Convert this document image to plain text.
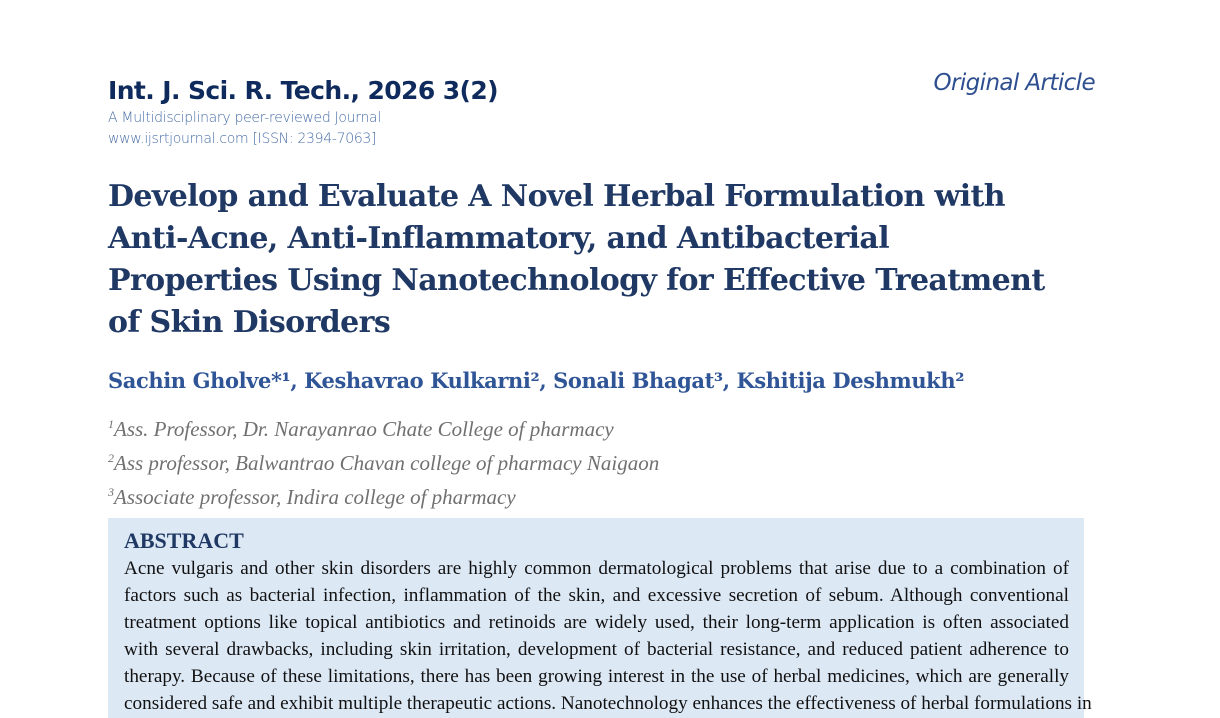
Int. J. Sci. R. Tech., 2026 3(2)
A Multidisciplinary peer-reviewed Journal
www.ijsrtjournal.com [ISSN: 2394-7063]
Original Article
Develop and Evaluate A Novel Herbal Formulation with
Anti-Acne, Anti-Inflammatory, and Antibacterial
Properties Using Nanotechnology for Effective Treatment
of Skin Disorders
Sachin Gholve*¹, Keshavrao Kulkarni², Sonali Bhagat³, Kshitija Deshmukh²
$^1$Ass. Professor, Dr. Narayanrao Chate College of pharmacy
$^2$Ass professor, Balwantrao Chavan college of pharmacy Naigaon
$^3$Associate professor, Indira college of pharmacy
ABSTRACT
Acne vulgaris and other skin disorders are highly common dermatological problems that arise due to a combination of
factors such as bacterial infection, inflammation of the skin, and excessive secretion of sebum. Although conventional
treatment options like topical antibiotics and retinoids are widely used, their long-term application is often associated
with several drawbacks, including skin irritation, development of bacterial resistance, and reduced patient adherence to
therapy. Because of these limitations, there has been growing interest in the use of herbal medicines, which are generally
considered safe and exhibit multiple therapeutic actions. Nanotechnology enhances the effectiveness of herbal formulations in
